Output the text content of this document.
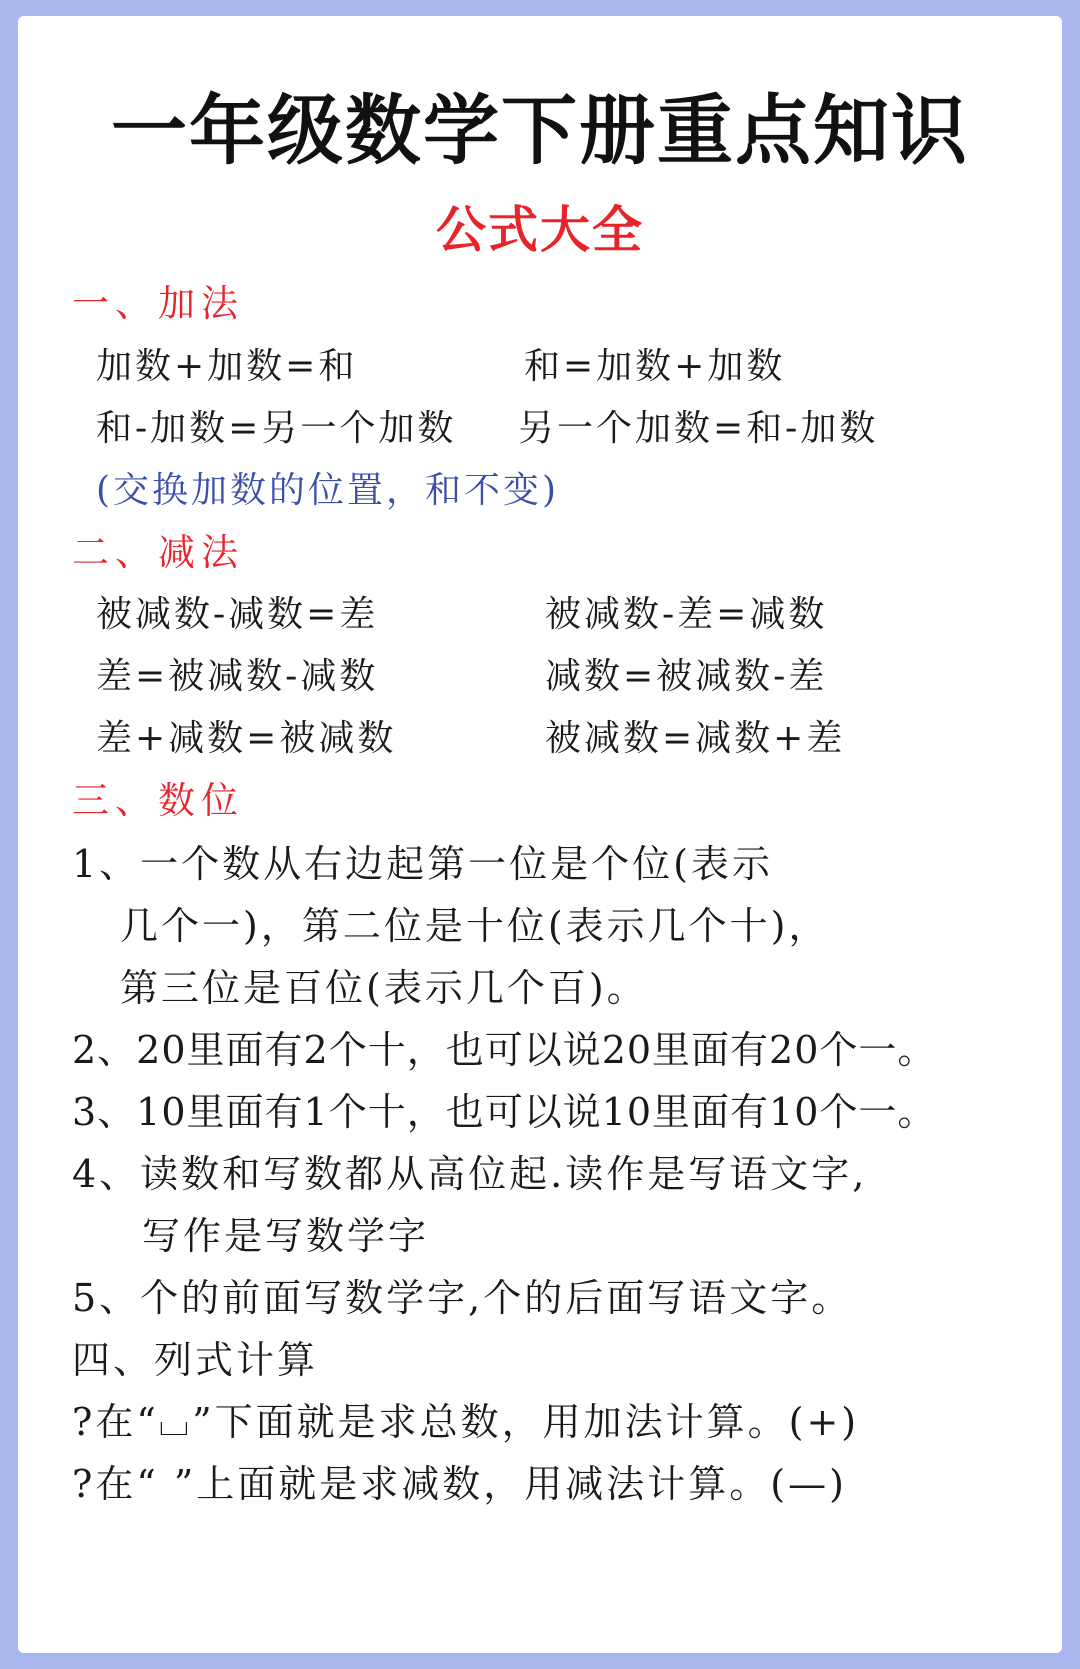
一年级数学下册重点知识
公式大全
一、加法
加数+加数=和	和=加数+加数
和-加数=另一个加数 另一个加数=和-加数
(交换加数的位置，和不变)
二、减法
被减数-减数=差	被减数-差=减数
差=被减数-减数	减数=被减数-差
差+减数=被减数	被减数=减数+差
三、数位
1、一个数从右边起第一位是个位(表示
几个一)，第二位是十位(表示几个十)，
第三位是百位(表示几个百)。
2、20里面有2个十，也可以说20里面有20个一。
3、10里面有1个十，也可以说10里面有10个一。
4、读数和写数都从高位起.读作是写语文字,
写作是写数学字
5、个的前面写数学字,个的后面写语文字。
四、列式计算
?在“⌴”下面就是求总数，用加法计算。(+)
?在“ ”上面就是求减数，用减法计算。(—)
